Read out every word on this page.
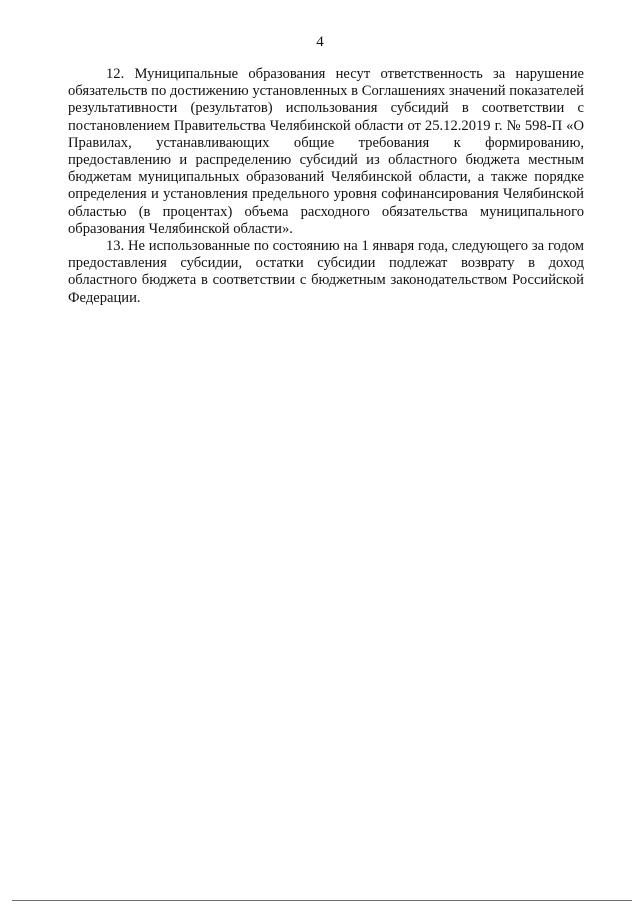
4

12. Муниципальные образования несут ответственность за нарушение обязательств по достижению установленных в Соглашениях значений показателей результативности (результатов) использования субсидий в соответствии с постановлением Правительства Челябинской области от 25.12.2019 г. № 598-П «О Правилах, устанавливающих общие требования к формированию, предоставлению и распределению субсидий из областного бюджета местным бюджетам муниципальных образований Челябинской области, а также порядке определения и установления предельного уровня софинансирования Челябинской областью (в процентах) объема расходного обязательства муниципального образования Челябинской области».

13. Не использованные по состоянию на 1 января года, следующего за годом предоставления субсидии, остатки субсидии подлежат возврату в доход областного бюджета в соответствии с бюджетным законодательством Российской Федерации.
